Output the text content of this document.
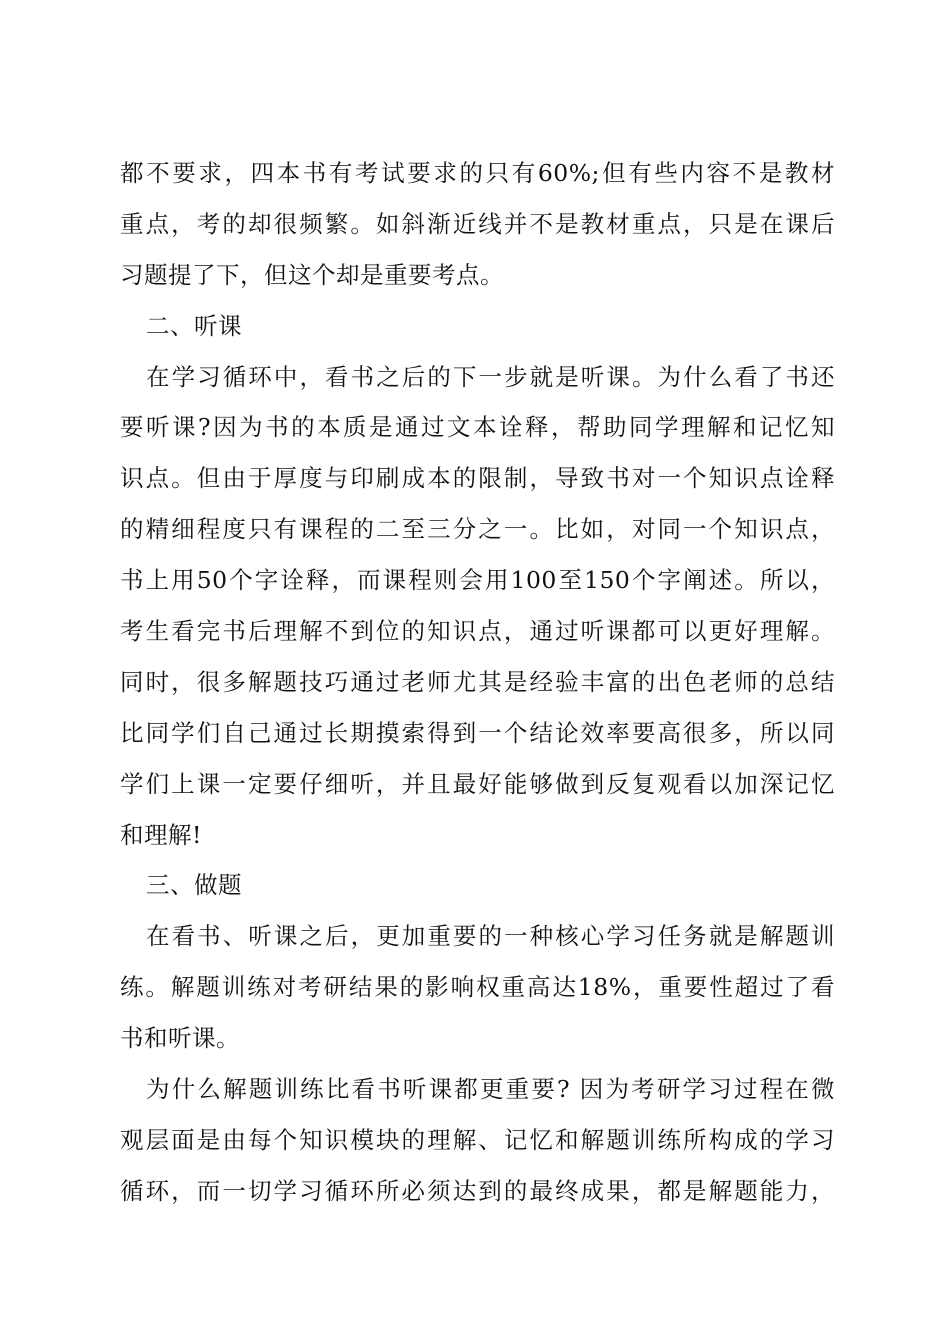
都不要求，四本书有考试要求的只有60%;但有些内容不是教材
重点，考的却很频繁。如斜渐近线并不是教材重点，只是在课后
习题提了下，但这个却是重要考点。
二、听课
在学习循环中，看书之后的下一步就是听课。为什么看了书还
要听课?因为书的本质是通过文本诠释，帮助同学理解和记忆知
识点。但由于厚度与印刷成本的限制，导致书对一个知识点诠释
的精细程度只有课程的二至三分之一。比如，对同一个知识点，
书上用50个字诠释，而课程则会用100至150个字阐述。所以，
考生看完书后理解不到位的知识点，通过听课都可以更好理解。
同时，很多解题技巧通过老师尤其是经验丰富的出色老师的总结
比同学们自己通过长期摸索得到一个结论效率要高很多，所以同
学们上课一定要仔细听，并且最好能够做到反复观看以加深记忆
和理解!
三、做题
在看书、听课之后，更加重要的一种核心学习任务就是解题训
练。解题训练对考研结果的影响权重高达18%，重要性超过了看
书和听课。
为什么解题训练比看书听课都更重要? 因为考研学习过程在微
观层面是由每个知识模块的理解、记忆和解题训练所构成的学习
循环，而一切学习循环所必须达到的最终成果，都是解题能力，
